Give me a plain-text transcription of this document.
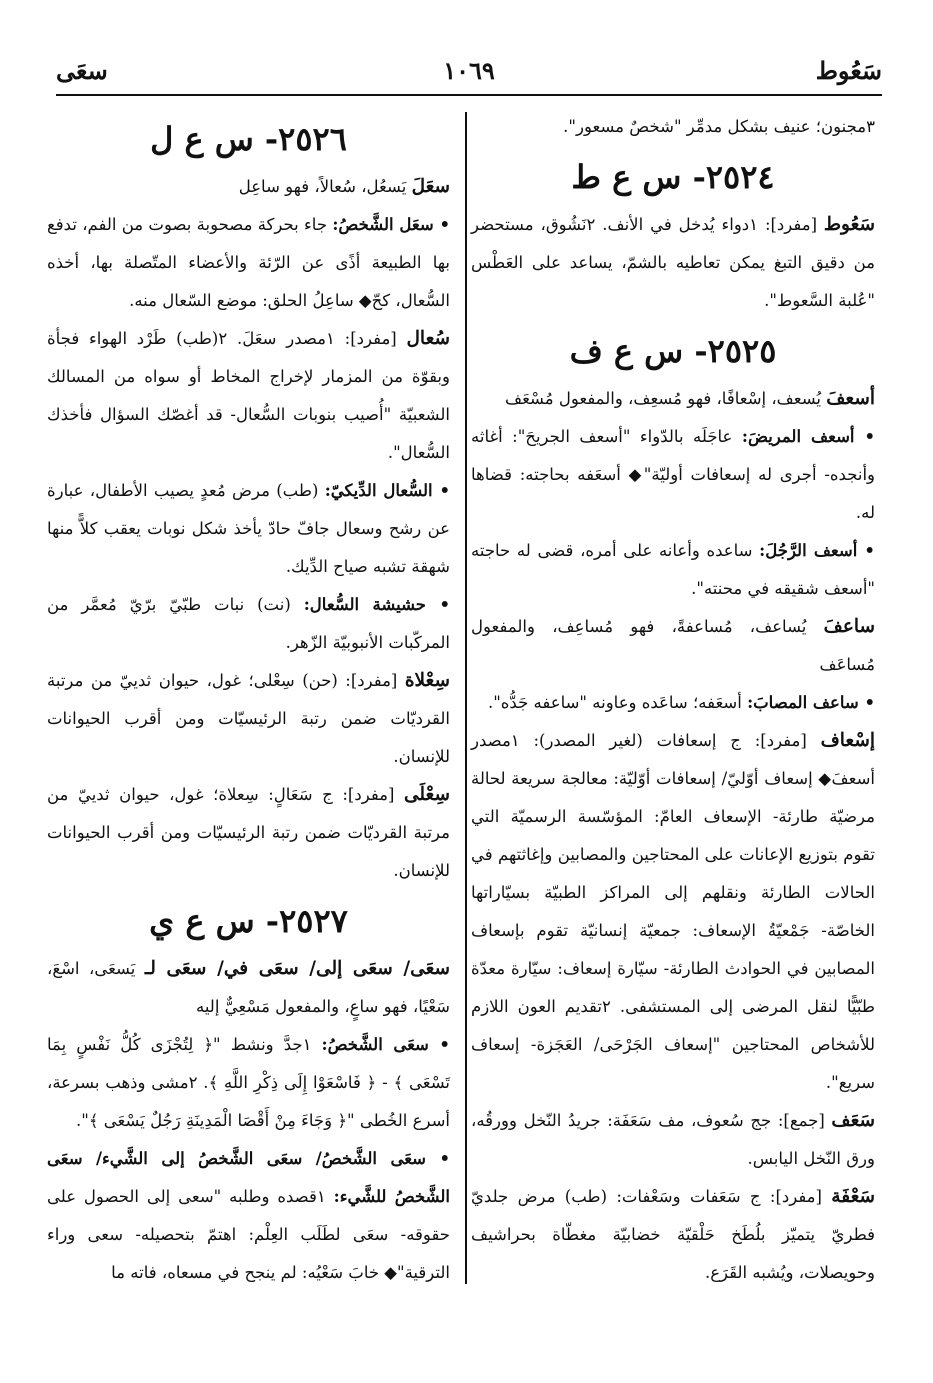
سَعُوط
١٠٦٩
سعَى

٣مجنون؛ عنيف بشكل مدمِّر "شخصٌ مسعور".

٢٥٢٤- س ع ط

سَعُوط [مفرد]: ١دواء يُدخل في الأنف. ٢نَشُوق، مستحضر من دقيق التبغ يمكن تعاطيه بالشمّ، يساعد على العَطْس "عُلبة السَّعوط".

٢٥٢٥- س ع ف

أسعفَ يُسعف، إسْعافًا، فهو مُسعِف، والمفعول مُسْعَف

• أسعف المريضَ: عاجَلَه بالدّواء "أسعف الجريحَ": أغاثه وأنجده- أجرى له إسعافات أوليّة"◆ أسعَفه بحاجته: قضاها له.

• أسعف الرَّجُلَ: ساعده وأعانه على أمره، قضى له حاجته "أسعف شقيقه في محنته".

ساعفَ يُساعف، مُساعفةً، فهو مُساعِف، والمفعول مُساعَف

• ساعف المصابَ: أسعَفه؛ ساعَده وعاونه "ساعفه جَدُّه".

إسْعاف [مفرد]: ج إسعافات (لغير المصدر): ١مصدر أسعفَ◆ إسعاف أوّليّ/ إسعافات أوّليّة: معالجة سريعة لحالة مرضيّة طارئة- الإسعاف العامّ: المؤسّسة الرسميّة التي تقوم بتوزيع الإعانات على المحتاجين والمصابين وإغاثتهم في الحالات الطارئة ونقلهم إلى المراكز الطبيّة بسيّاراتها الخاصّة- جَمْعيّةُ الإسعاف: جمعيّة إنسانيّة تقوم بإسعاف المصابين في الحوادث الطارئة- سيّارة إسعاف: سيّارة معدّة طبّيًّا لنقل المرضى إلى المستشفى. ٢تقديم العون اللازم للأشخاص المحتاجين "إسعاف الجَرْحَى/ العَجَزة- إسعاف سريع".

سَعَف [جمع]: جج سُعوف، مف سَعَفَة: جريدُ النّخل وورقُه، ورق النّخل اليابس.

سَعْفَة [مفرد]: ج سَعَفات وسَعْفات: (طب) مرض جلديّ فطريّ يتميّز بلُطَخ حَلْقيّة خضابيّة مغطّاة بحراشيف وحويصلات، ويُشبه القَرَع.

٢٥٢٦- س ع ل

سعَلَ يَسعُل، سُعالاً، فهو ساعِل

• سعَل الشَّخصُ: جاء بحركة مصحوبة بصوت من الفم، تدفع بها الطبيعة أذًى عن الرّئة والأعضاء المتّصلة بها، أخذه السُّعال، كحّ◆ ساعِلُ الحلق: موضع السّعال منه.

سُعال [مفرد]: ١مصدر سعَلَ. ٢(طب) طَرْد الهواء فجأة وبقوّة من المزمار لإخراج المخاط أو سواه من المسالك الشعبيّة "أُصيب بنوبات السُّعال- قد أغصّك السؤال فأخذك السُّعال".

• السُّعال الدِّيكيّ: (طب) مرض مُعدٍ يصيب الأطفال، عبارة عن رشح وسعال جافّ حادّ يأخذ شكل نوبات يعقب كلاًّ منها شهقة تشبه صياح الدِّيك.

• حشيشة السُّعال: (نت) نبات طبّيّ برّيّ مُعمَّر من المركّبات الأنبوبيّة الزّهر.

سِعْلاة [مفرد]: (حن) سِعْلى؛ غول، حيوان ثدييّ من مرتبة القرديّات ضمن رتبة الرئيسيّات ومن أقرب الحيوانات للإنسان.

سِعْلَى [مفرد]: ج سَعَالٍ: سِعلاة؛ غول، حيوان ثدييّ من مرتبة القرديّات ضمن رتبة الرئيسيّات ومن أقرب الحيوانات للإنسان.

٢٥٢٧- س ع ي

سعَى/ سعَى إلى/ سعَى في/ سعَى لـ يَسعَى، اسْعَ، سَعْيًا، فهو ساعٍ، والمفعول مَسْعِيٌّ إليه

• سعَى الشَّخصُ: ١جدَّ ونشط "﴿ لِتُجْزَى كُلُّ نَفْسٍ بِمَا تَسْعَى ﴾ - ﴿ فَاسْعَوْا إِلَى ذِكْرِ اللَّهِ ﴾. ٢مشى وذهب بسرعة، أسرع الخُطى "﴿ وَجَاءَ مِنْ أَقْصَا الْمَدِينَةِ رَجُلٌ يَسْعَى ﴾".

• سعَى الشَّخصُ/ سعَى الشَّخصُ إلى الشَّيء/ سعَى الشَّخصُ للشَّيء: ١قصده وطلبه "سعى إلى الحصول على حقوقه- سعَى لطَلَب العِلْم: اهتمّ بتحصيله- سعى وراء الترقية"◆ خابَ سَعْيُه: لم ينجح في مسعاه، فاته ما
